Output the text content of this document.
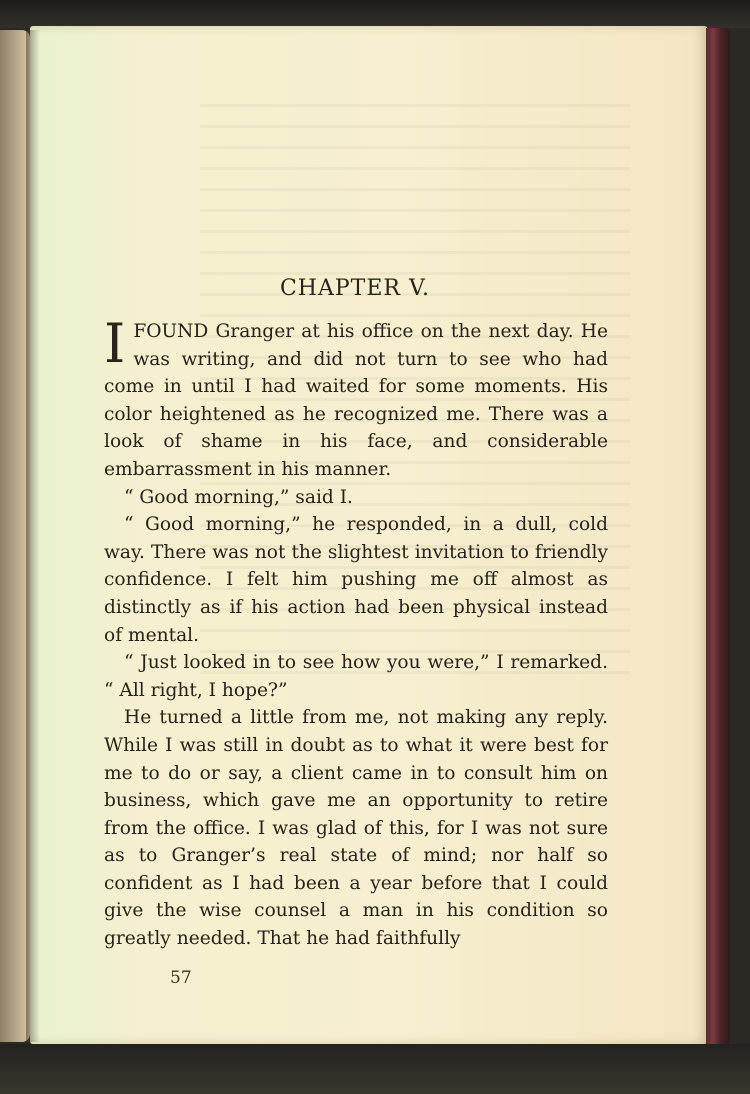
CHAPTER V.

IFOUND Granger at his office on the next day. He was writing, and did not turn to see who had come in until I had waited for some moments. His color heightened as he recognized me. There was a look of shame in his face, and considerable embarrassment in his manner.

“ Good morning,” said I.

“ Good morning,” he responded, in a dull, cold way. There was not the slightest invitation to friendly confidence. I felt him pushing me off almost as distinctly as if his action had been physical instead of mental.

“ Just looked in to see how you were,” I remarked. “ All right, I hope?”

He turned a little from me, not making any reply. While I was still in doubt as to what it were best for me to do or say, a client came in to consult him on business, which gave me an opportunity to retire from the office. I was glad of this, for I was not sure as to Granger’s real state of mind; nor half so confident as I had been a year before that I could give the wise counsel a man in his condition so greatly needed. That he had faithfully

57
